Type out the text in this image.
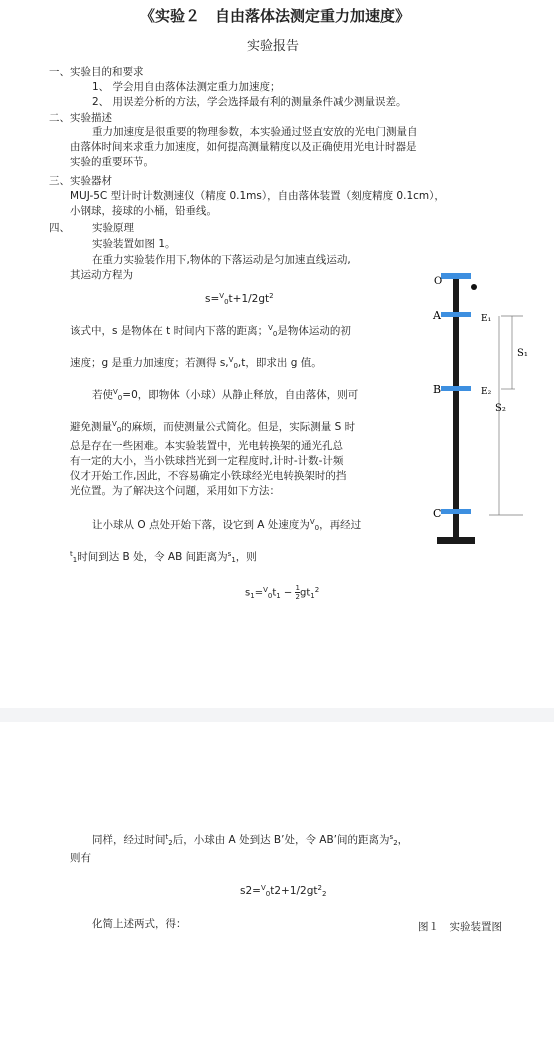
《实验２　自由落体法测定重力加速度》
实验报告
一、实验目的和要求
1、 学会用自由落体法测定重力加速度；
2、 用误差分析的方法，学会选择最有利的测量条件减少测量误差。
二、实验描述
重力加速度是很重要的物理参数，本实验通过竖直安放的光电门测量自
由落体时间来求重力加速度，如何提高测量精度以及正确使用光电计时器是
实验的重要环节。
三、实验器材
MUJ-5C 型计时计数测速仪（精度 0.1ms），自由落体装置（刻度精度 0.1cm），
小钢球，接球的小桶，铅垂线。
四、 实验原理
实验装置如图 1。
在重力实验装作用下,物体的下落运动是匀加速直线运动,
其运动方程为
$s=^V0t+1/2gt^2$
该式中，s 是物体在 t 时间内下落的距离；$^V$0是物体运动的初
速度；g 是重力加速度；若测得 s,$^V$0,t，即求出 g 值。
若使$^V$0=0，即物体（小球）从静止释放，自由落体，则可
避免测量$^V$0的麻烦，而使测量公式简化。但是，实际测量 S 时
总是存在一些困难。本实验装置中，光电转换架的通光孔总
有一定的大小，当小铁球挡光到一定程度时,计时-计数-计频
仪才开始工作,因此，不容易确定小铁球经光电转换架时的挡
光位置。为了解决这个问题，采用如下方法：
让小球从 O 点处开始下落，设它到 A 处速度为$^V$0，再经过
$^t$1时间到达 B 处，令 AB 间距离为$^s$1，则
$s_1=^V_0t_1 - \frac{1}{2} gt_1^2$
O
A
B
C
E₁
E₂
S₁
S₂
同样，经过时间$^t$2后，小球由 A 处到达 B’处，令 AB’间的距离为$^s$2，
则有
$s2=^V0t2+1/2gt^22$
化简上述两式，得：	图１　实验装置图
